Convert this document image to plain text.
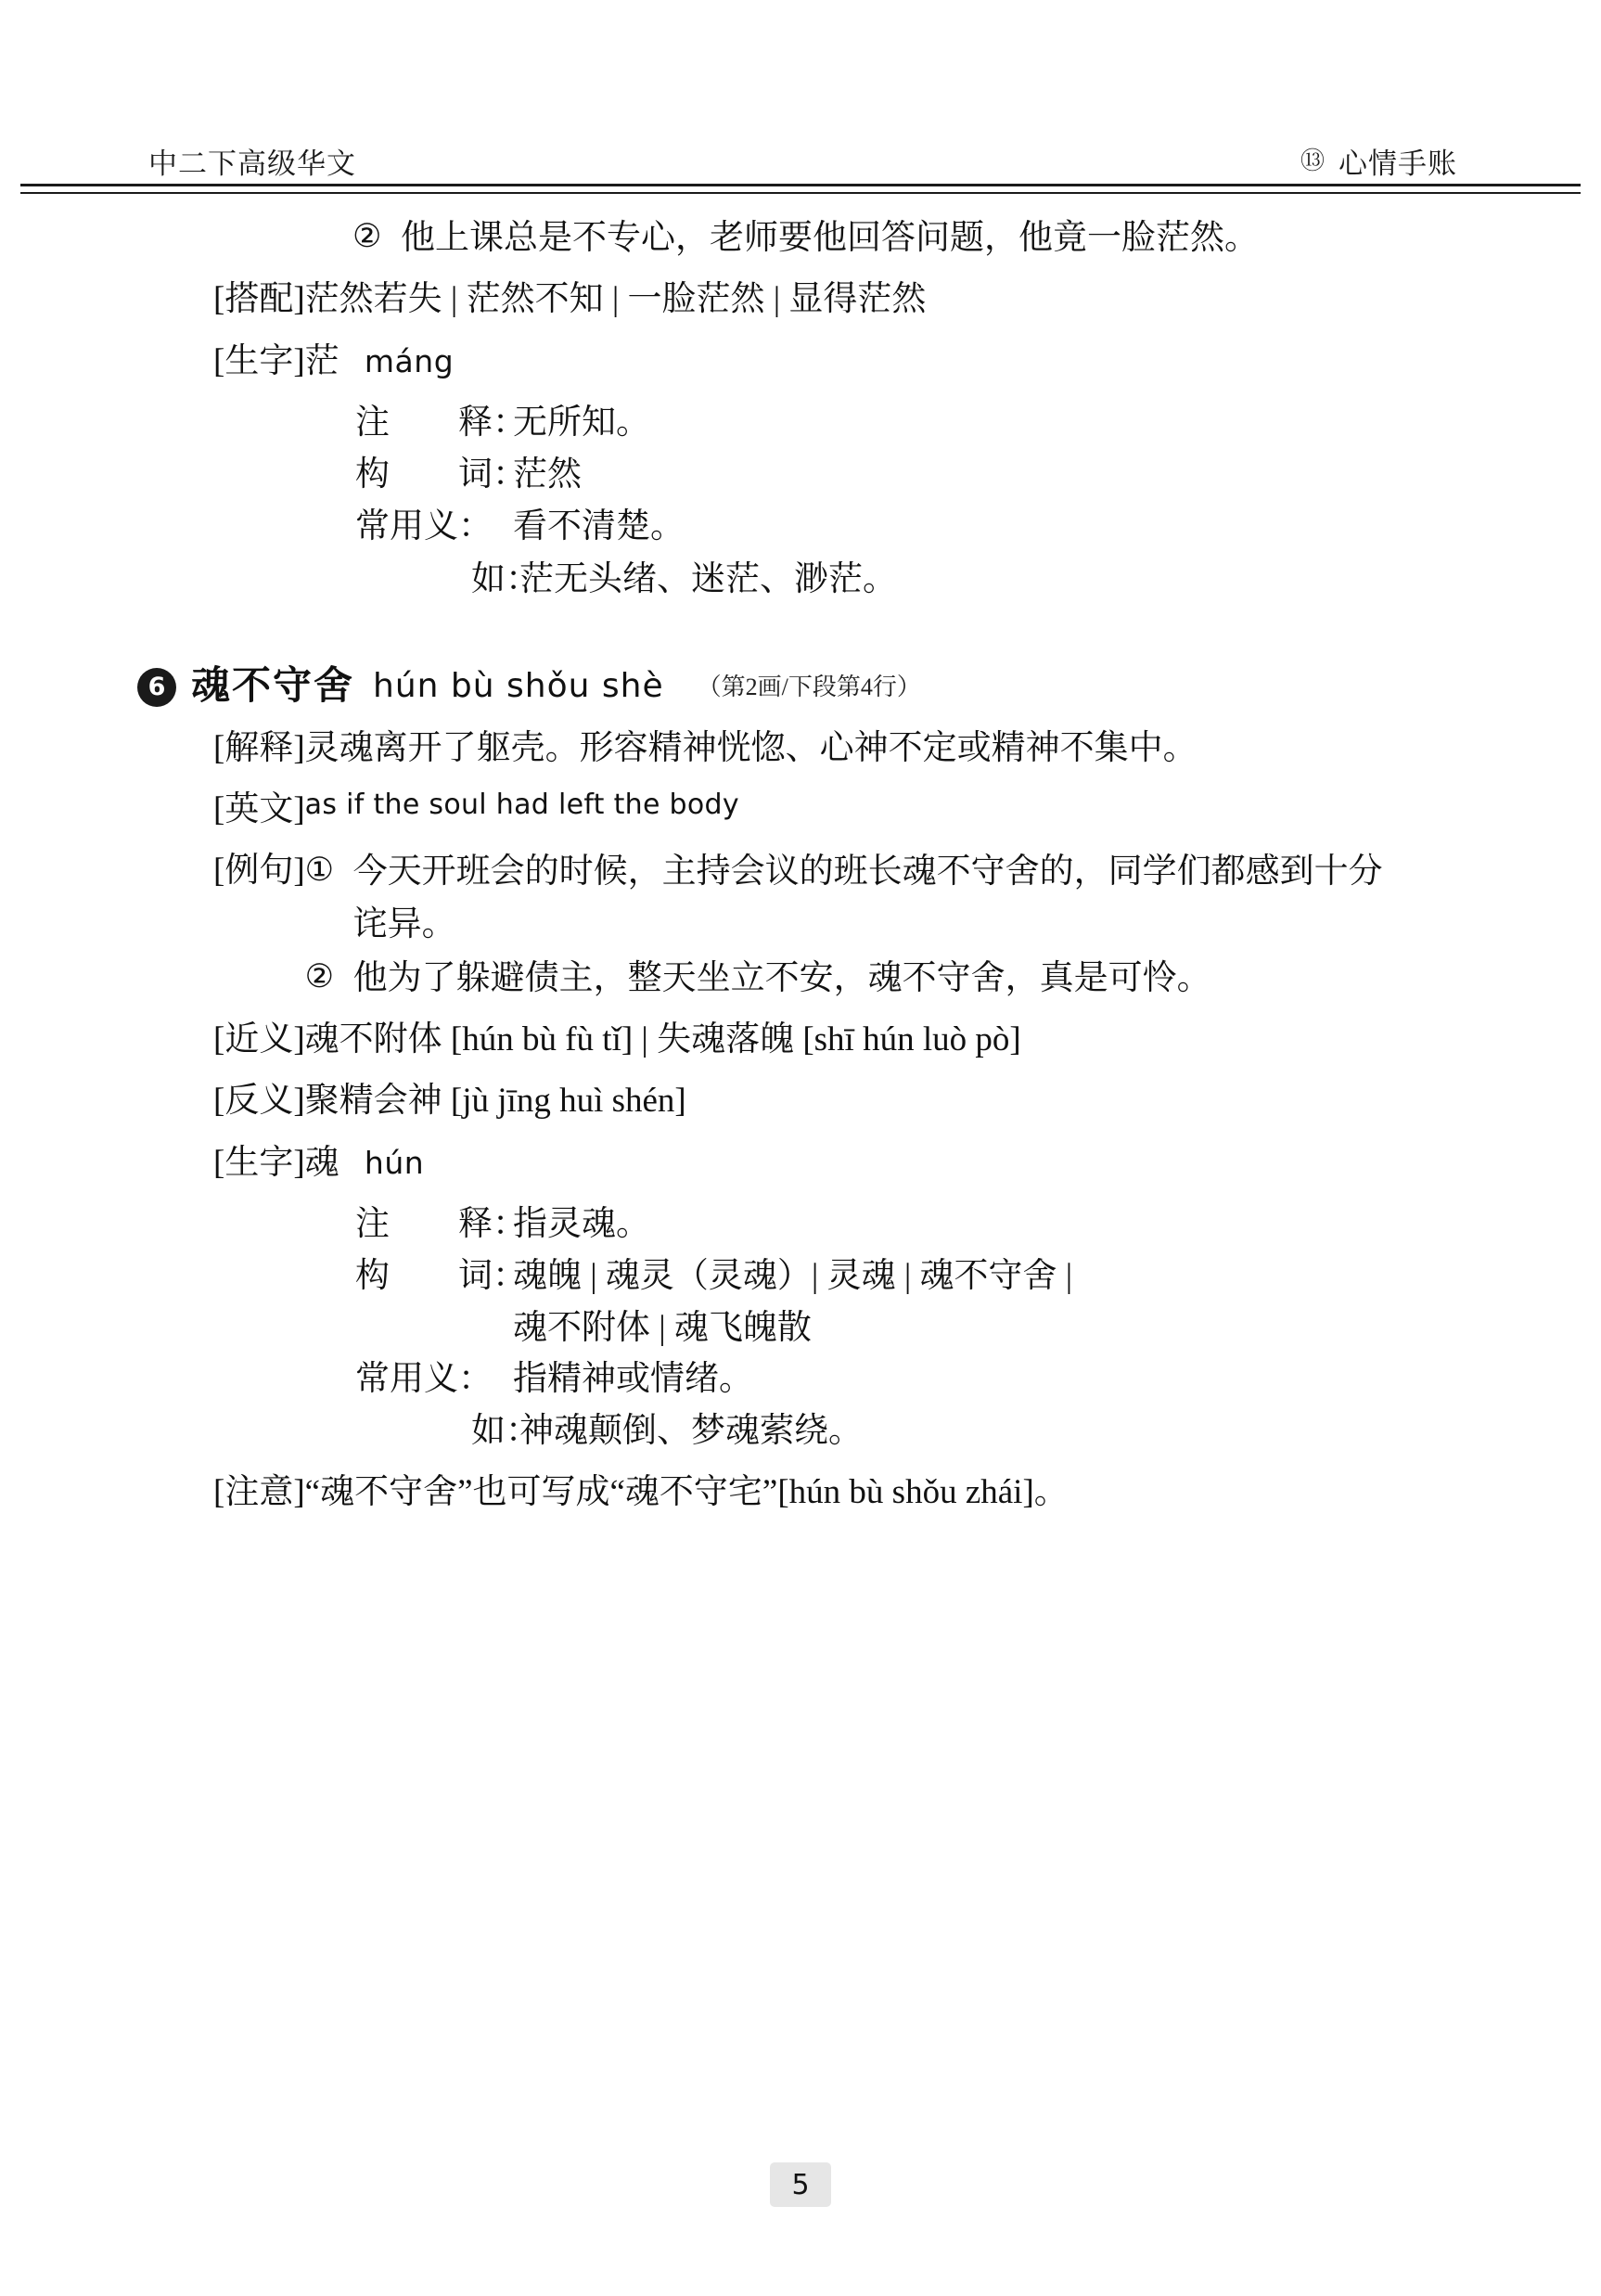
中二下高级华文	⑬ 心情手账
② 他上课总是不专心，老师要他回答问题，他竟一脸茫然。
[搭配] 茫然若失 | 茫然不知 | 一脸茫然 | 显得茫然
[生字] 茫 máng
注　　释：
无所知。
构　　词：
茫然
常用义： 看不清楚。
如：
茫无头绪、迷茫、渺茫。
6 魂不守舍 hún bù shǒu shè （第2画/下段第4行）
[解释] 灵魂离开了躯壳。形容精神恍惚、心神不定或精神不集中。
[英文] as if the soul had left the body
[例句] ① 今天开班会的时候，主持会议的班长魂不守舍的，同学们都感到十分诧异。
② 他为了躲避债主，整天坐立不安，魂不守舍，真是可怜。
[近义] 魂不附体 [hún bù fù tǐ] | 失魂落魄 [shī hún luò pò]
[反义] 聚精会神 [jù jīng huì shén]
[生字] 魂 hún
注　　释：
指灵魂。
构　　词：
魂魄 | 魂灵（灵魂）| 灵魂 | 魂不守舍 |
魂不附体 | 魂飞魄散
常用义： 指精神或情绪。
如：
神魂颠倒、梦魂萦绕。
[注意] “魂不守舍”也可写成“魂不守宅”[hún bù shǒu zhái]。
5
